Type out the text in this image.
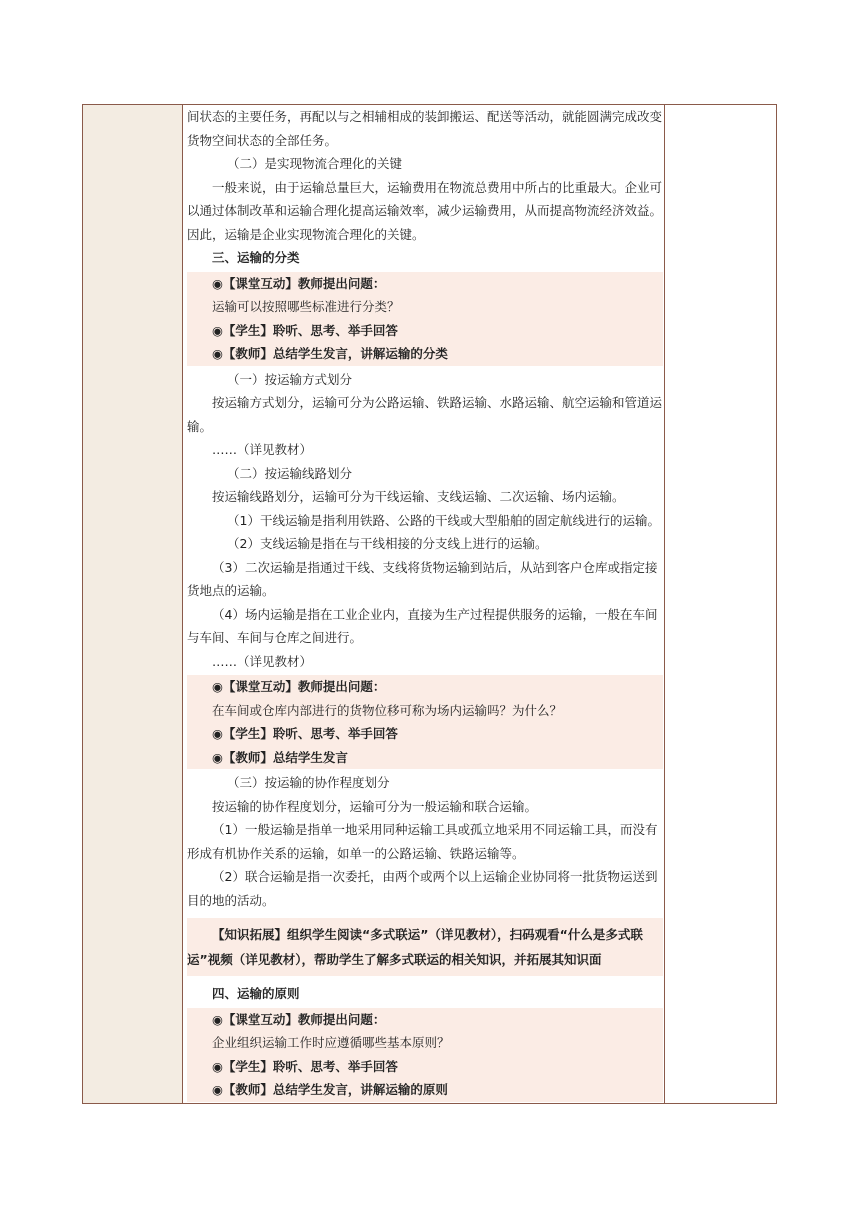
间状态的主要任务，再配以与之相辅相成的装卸搬运、配送等活动，就能圆满完成改变货物空间状态的全部任务。

（二）是实现物流合理化的关键

一般来说，由于运输总量巨大，运输费用在物流总费用中所占的比重最大。企业可以通过体制改革和运输合理化提高运输效率，减少运输费用，从而提高物流经济效益。因此，运输是企业实现物流合理化的关键。

三、运输的分类

◉【课堂互动】教师提出问题：

运输可以按照哪些标准进行分类？

◉【学生】聆听、思考、举手回答

◉【教师】总结学生发言，讲解运输的分类

（一）按运输方式划分

按运输方式划分，运输可分为公路运输、铁路运输、水路运输、航空运输和管道运输。

……（详见教材）

（二）按运输线路划分

按运输线路划分，运输可分为干线运输、支线运输、二次运输、场内运输。

（1）干线运输是指利用铁路、公路的干线或大型船舶的固定航线进行的运输。

（2）支线运输是指在与干线相接的分支线上进行的运输。

（3）二次运输是指通过干线、支线将货物运输到站后，从站到客户仓库或指定接货地点的运输。

（4）场内运输是指在工业企业内，直接为生产过程提供服务的运输，一般在车间与车间、车间与仓库之间进行。

……（详见教材）

◉【课堂互动】教师提出问题：

在车间或仓库内部进行的货物位移可称为场内运输吗？为什么？

◉【学生】聆听、思考、举手回答

◉【教师】总结学生发言

（三）按运输的协作程度划分

按运输的协作程度划分，运输可分为一般运输和联合运输。

（1）一般运输是指单一地采用同种运输工具或孤立地采用不同运输工具，而没有形成有机协作关系的运输，如单一的公路运输、铁路运输等。

（2）联合运输是指一次委托，由两个或两个以上运输企业协同将一批货物运送到目的地的活动。

【知识拓展】组织学生阅读“多式联运”（详见教材），扫码观看“什么是多式联运”视频（详见教材），帮助学生了解多式联运的相关知识，并拓展其知识面

四、运输的原则

◉【课堂互动】教师提出问题：

企业组织运输工作时应遵循哪些基本原则？

◉【学生】聆听、思考、举手回答

◉【教师】总结学生发言，讲解运输的原则
